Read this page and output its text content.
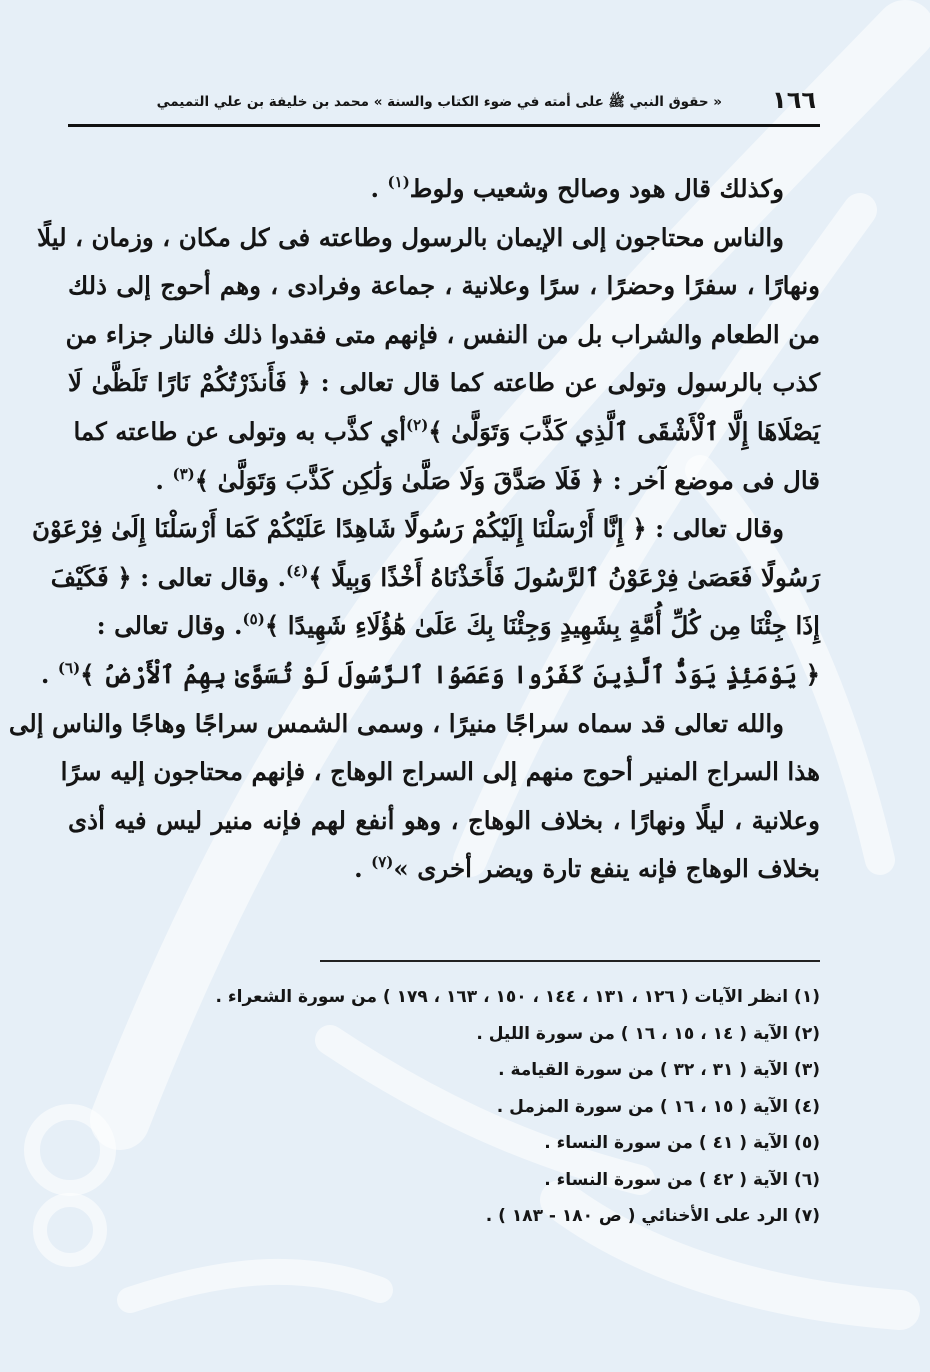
١٦٦
« حقوق النبي ﷺ على أمته في ضوء الكتاب والسنة » محمد بن خليفة بن علي التميمي
وكذلك قال هود وصالح وشعيب ولوط$^{(١)}$ .
والناس محتاجون إلى الإيمان بالرسول وطاعته فى كل مكان ، وزمان ، ليلًا
ونهارًا ، سفرًا وحضرًا ، سرًا وعلانية ، جماعة وفرادى ، وهم أحوج إلى ذلك
من الطعام والشراب بل من النفس ، فإنهم متى فقدوا ذلك فالنار جزاء من
كذب بالرسول وتولى عن طاعته كما قال تعالى : ﴿ فَأَنذَرْتُكُمْ نَارًا تَلَظَّىٰ لَا
يَصْلَاهَا إِلَّا ٱلْأَشْقَى ٱلَّذِي كَذَّبَ وَتَوَلَّىٰ ﴾$^{(٢)}$أي كذَّب به وتولى عن طاعته كما
قال فى موضع آخر : ﴿ فَلَا صَدَّقَ وَلَا صَلَّىٰ وَلَٰكِن كَذَّبَ وَتَوَلَّىٰ ﴾$^{(٣)}$ .
وقال تعالى : ﴿ إِنَّا أَرْسَلْنَا إِلَيْكُمْ رَسُولًا شَاهِدًا عَلَيْكُمْ كَمَا أَرْسَلْنَا إِلَىٰ فِرْعَوْنَ
رَسُولًا فَعَصَىٰ فِرْعَوْنُ ٱلرَّسُولَ فَأَخَذْنَاهُ أَخْذًا وَبِيلًا ﴾$^{(٤)}$. وقال تعالى : ﴿ فَكَيْفَ
إِذَا جِئْنَا مِن كُلِّ أُمَّةٍ بِشَهِيدٍ وَجِئْنَا بِكَ عَلَىٰ هَٰؤُلَاءِ شَهِيدًا ﴾$^{(٥)}$. وقال تعالى :
﴿ يَوْمَئِذٍ يَوَدُّ ٱلَّذِينَ كَفَرُوا وَعَصَوُا ٱلرَّسُولَ لَوْ تُسَوَّىٰ بِهِمُ ٱلْأَرْضُ ﴾$^{(٦)}$ .
والله تعالى قد سماه سراجًا منيرًا ، وسمى الشمس سراجًا وهاجًا والناس إلى
هذا السراج المنير أحوج منهم إلى السراج الوهاج ، فإنهم محتاجون إليه سرًا
وعلانية ، ليلًا ونهارًا ، بخلاف الوهاج ، وهو أنفع لهم فإنه منير ليس فيه أذى
بخلاف الوهاج فإنه ينفع تارة ويضر أخرى »$^{(٧)}$ .
(١) انظر الآيات ( ١٢٦ ، ١٣١ ، ١٤٤ ، ١٥٠ ، ١٦٣ ، ١٧٩ ) من سورة الشعراء .
(٢) الآية ( ١٤ ، ١٥ ، ١٦ ) من سورة الليل .
(٣) الآية ( ٣١ ، ٣٢ ) من سورة القيامة .
(٤) الآية ( ١٥ ، ١٦ ) من سورة المزمل .
(٥) الآية ( ٤١ ) من سورة النساء .
(٦) الآية ( ٤٢ ) من سورة النساء .
(٧) الرد على الأخنائي ( ص ١٨٠ - ١٨٣ ) .
